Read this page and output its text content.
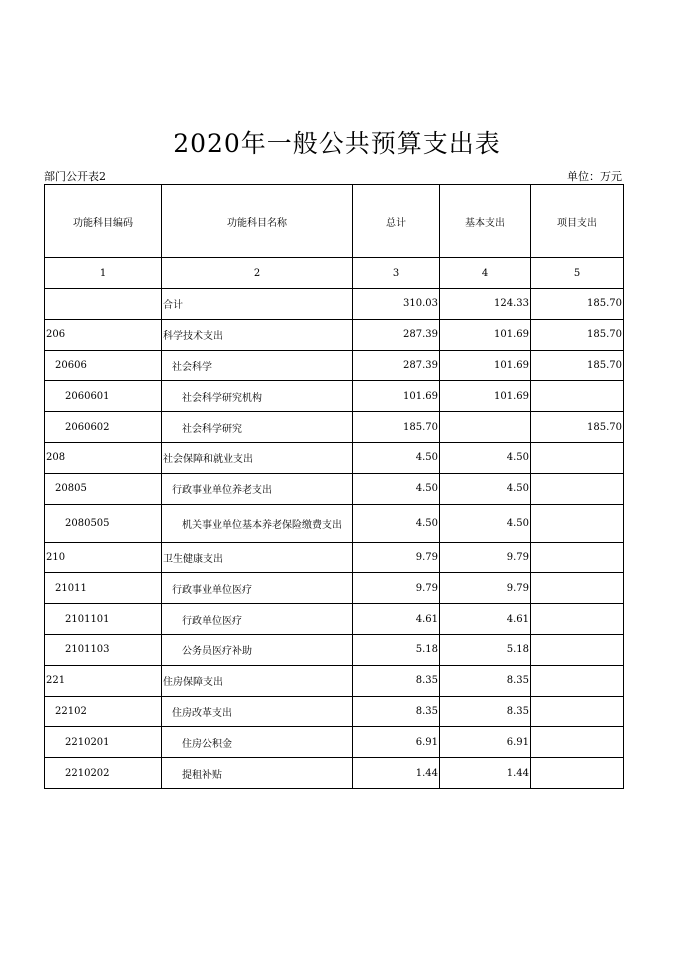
2020年一般公共预算支出表
部门公开表2	单位：万元
功能科目编码	功能科目名称	总计	基本支出	项目支出
1	2	3	4	5
	合计	310.03	124.33	185.70
206	科学技术支出	287.39	101.69	185.70
20606	社会科学	287.39	101.69	185.70
2060601	社会科学研究机构	101.69	101.69	
2060602	社会科学研究	185.70		185.70
208	社会保障和就业支出	4.50	4.50	
20805	行政事业单位养老支出	4.50	4.50	
2080505	机关事业单位基本养老保险缴费支出	4.50	4.50	
210	卫生健康支出	9.79	9.79	
21011	行政事业单位医疗	9.79	9.79	
2101101	行政单位医疗	4.61	4.61	
2101103	公务员医疗补助	5.18	5.18	
221	住房保障支出	8.35	8.35	
22102	住房改革支出	8.35	8.35	
2210201	住房公积金	6.91	6.91	
2210202	提租补贴	1.44	1.44	
